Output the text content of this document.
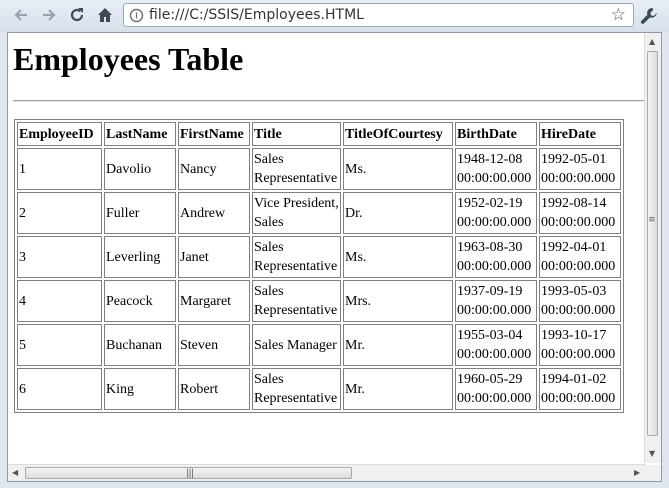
file:///C:/SSIS/Employees.HTML	☆
Employees Table
EmployeeID	LastName	FirstName	Title	TitleOfCourtesy	BirthDate	HireDate
1	Davolio	Nancy	Sales Representative	Ms.	1948-12-08 00:00:00.000	1992-05-01 00:00:00.000
2	Fuller	Andrew	Vice President, Sales	Dr.	1952-02-19 00:00:00.000	1992-08-14 00:00:00.000
3	Leverling	Janet	Sales Representative	Ms.	1963-08-30 00:00:00.000	1992-04-01 00:00:00.000
4	Peacock	Margaret	Sales Representative	Mrs.	1937-09-19 00:00:00.000	1993-05-03 00:00:00.000
5	Buchanan	Steven	Sales Manager	Mr.	1955-03-04 00:00:00.000	1993-10-17 00:00:00.000
6	King	Robert	Sales Representative	Mr.	1960-05-29 00:00:00.000	1994-01-02 00:00:00.000
▲
≡
▼
◀	|||	▶
